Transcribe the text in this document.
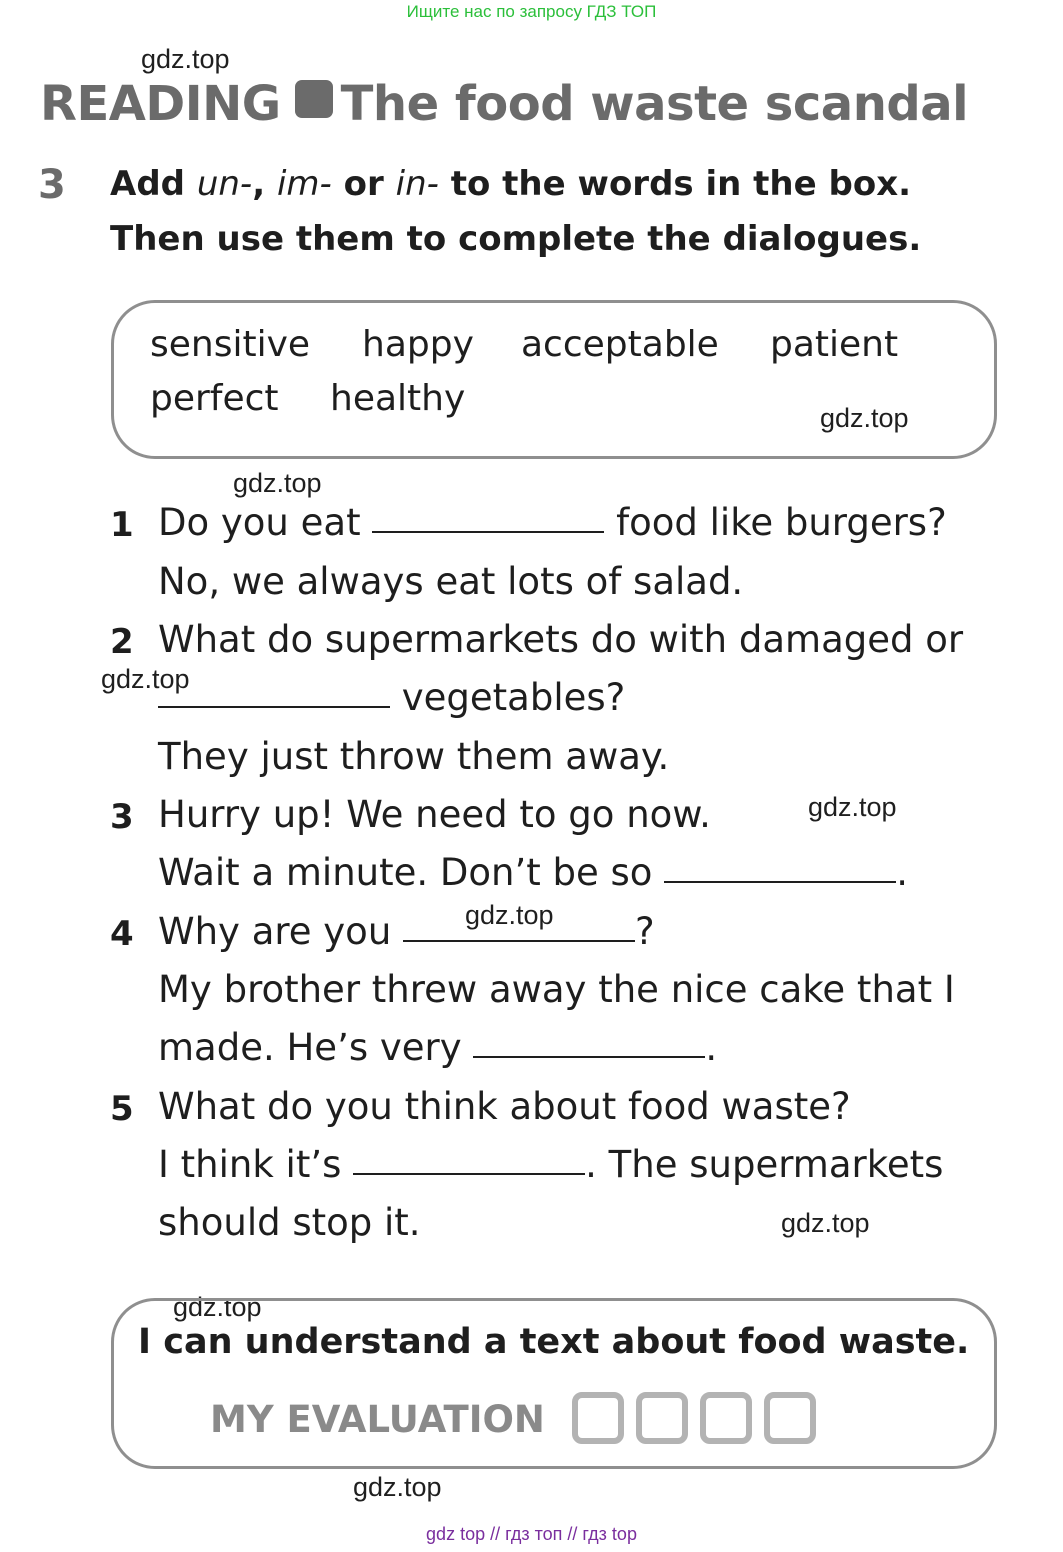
Ищите нас по запросу ГДЗ ТОП
gdz.top
gdz.top
gdz.top
gdz.top
gdz.top
gdz.top
gdz.top
gdz.top
gdz.top
READING The food waste scandal
3 Add un-, im- or in- to the words in the box.
Then use them to complete the dialogues.
sensitive happy acceptable patient
perfect healthy
1 Do you eat	food like burgers?
No, we always eat lots of salad.
2 What do supermarkets do with damaged or
vegetables?
They just throw them away.
3 Hurry up! We need to go now.
Wait a minute. Don’t be so	.
4 Why are you	?
My brother threw away the nice cake that I
made. He’s very	.
5 What do you think about food waste?
I think it’s	. The supermarkets
should stop it.
I can understand a text about food waste.
MY EVALUATION
gdz top // гдз топ // гдз top
